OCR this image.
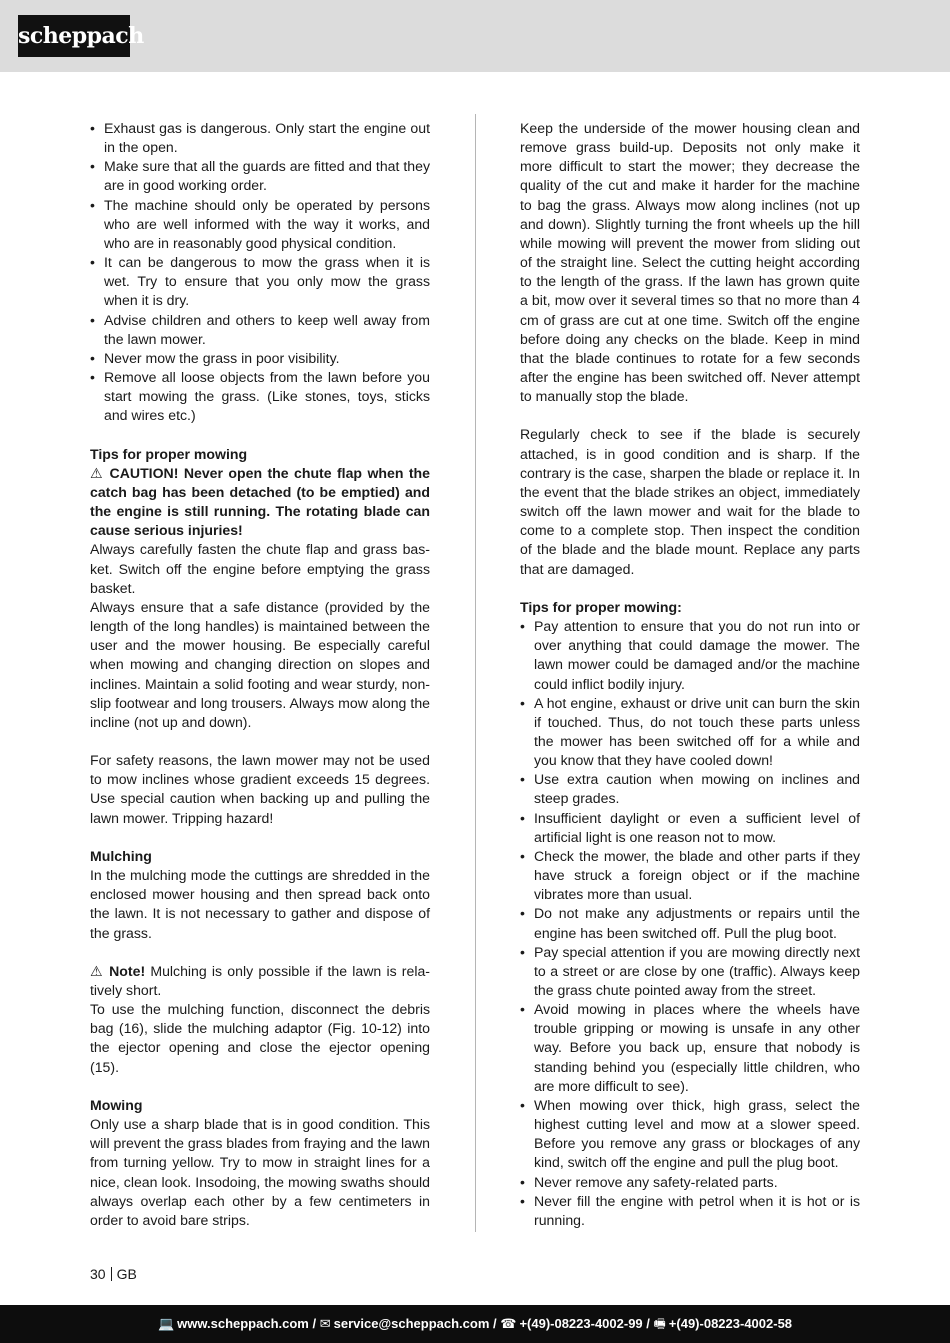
scheppach
• Exhaust gas is dangerous. Only start the engine out in the open.
• Make sure that all the guards are fitted and that they are in good working order.
• The machine should only be operated by persons who are well informed with the way it works, and who are in reasonably good physical condition.
• It can be dangerous to mow the grass when it is wet. Try to ensure that you only mow the grass when it is dry.
• Advise children and others to keep well away from the lawn mower.
• Never mow the grass in poor visibility.
• Remove all loose objects from the lawn before you start mowing the grass. (Like stones, toys, sticks and wires etc.)

Tips for proper mowing

⚠ CAUTION! Never open the chute flap when the catch bag has been detached (to be emptied) and the engine is still running. The rotating blade can cause serious injuries!

Always carefully fasten the chute flap and grass bas-ket. Switch off the engine before emptying the grass basket.

Always ensure that a safe distance (provided by the length of the long handles) is maintained between the user and the mower housing. Be especially careful when mowing and changing direction on slopes and inclines. Maintain a solid footing and wear sturdy, non-slip footwear and long trousers. Always mow along the incline (not up and down).

For safety reasons, the lawn mower may not be used to mow inclines whose gradient exceeds 15 degrees. Use special caution when backing up and pulling the lawn mower. Tripping hazard!

Mulching

In the mulching mode the cuttings are shredded in the enclosed mower housing and then spread back onto the lawn. It is not necessary to gather and dispose of the grass.

⚠ Note! Mulching is only possible if the lawn is rela-tively short.

To use the mulching function, disconnect the debris bag (16), slide the mulching adaptor (Fig. 10-12) into the ejector opening and close the ejector opening (15).

Mowing

Only use a sharp blade that is in good condition. This will prevent the grass blades from fraying and the lawn from turning yellow. Try to mow in straight lines for a nice, clean look. Insodoing, the mowing swaths should always overlap each other by a few centimeters in order to avoid bare strips.

Keep the underside of the mower housing clean and remove grass build-up. Deposits not only make it more difficult to start the mower; they decrease the quality of the cut and make it harder for the machine to bag the grass. Always mow along inclines (not up and down). Slightly turning the front wheels up the hill while mowing will prevent the mower from sliding out of the straight line. Select the cutting height according to the length of the grass. If the lawn has grown quite a bit, mow over it several times so that no more than 4 cm of grass are cut at one time. Switch off the engine before doing any checks on the blade. Keep in mind that the blade continues to rotate for a few seconds after the engine has been switched off. Never attempt to manually stop the blade.

Regularly check to see if the blade is securely attached, is in good condition and is sharp. If the contrary is the case, sharpen the blade or replace it. In the event that the blade strikes an object, immediately switch off the lawn mower and wait for the blade to come to a complete stop. Then inspect the condition of the blade and the blade mount. Replace any parts that are damaged.

Tips for proper mowing:

• Pay attention to ensure that you do not run into or over anything that could damage the mower. The lawn mower could be damaged and/or the machine could inflict bodily injury.
• A hot engine, exhaust or drive unit can burn the skin if touched. Thus, do not touch these parts unless the mower has been switched off for a while and you know that they have cooled down!
• Use extra caution when mowing on inclines and steep grades.
• Insufficient daylight or even a sufficient level of artificial light is one reason not to mow.
• Check the mower, the blade and other parts if they have struck a foreign object or if the machine vibrates more than usual.
• Do not make any adjustments or repairs until the engine has been switched off. Pull the plug boot.
• Pay special attention if you are mowing directly next to a street or are close by one (traffic). Always keep the grass chute pointed away from the street.
• Avoid mowing in places where the wheels have trouble gripping or mowing is unsafe in any other way. Before you back up, ensure that nobody is standing behind you (especially little children, who are more difficult to see).
• When mowing over thick, high grass, select the highest cutting level and mow at a slower speed. Before you remove any grass or blockages of any kind, switch off the engine and pull the plug boot.
• Never remove any safety-related parts.
• Never fill the engine with petrol when it is hot or is running.
30 GB
💻 www.scheppach.com / ✉ service@scheppach.com / ☎ +(49)-08223-4002-99 / 🖷 +(49)-08223-4002-58
